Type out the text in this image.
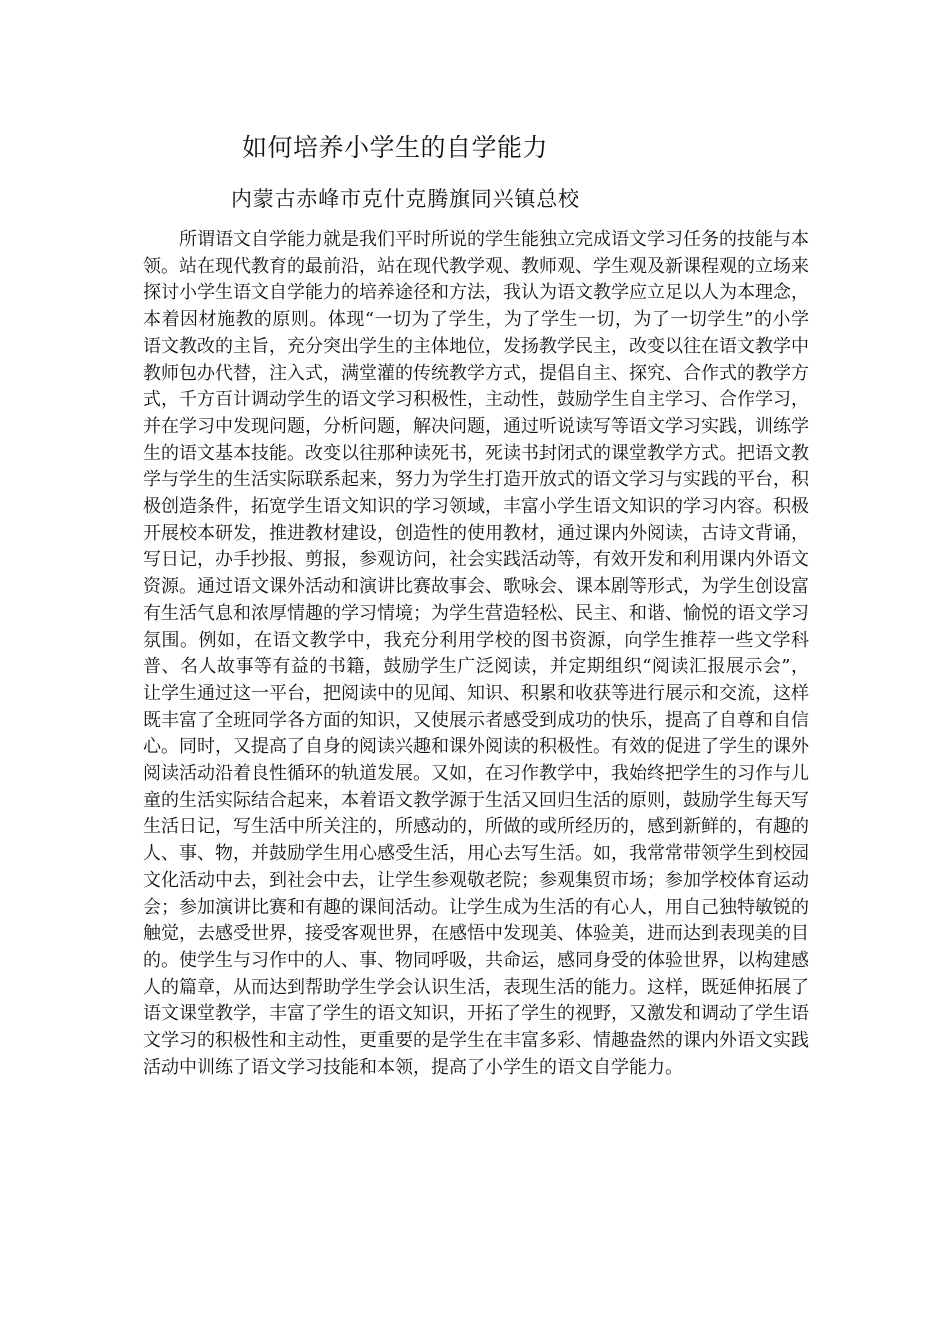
如何培养小学生的自学能力
内蒙古赤峰市克什克腾旗同兴镇总校

所谓语文自学能力就是我们平时所说的学生能独立完成语文学习任务的技能与本领。站在现代教育的最前沿，站在现代教学观、教师观、学生观及新课程观的立场来探讨小学生语文自学能力的培养途径和方法，我认为语文教学应立足以人为本理念，本着因材施教的原则。体现“一切为了学生，为了学生一切，为了一切学生”的小学语文教改的主旨，充分突出学生的主体地位，发扬教学民主，改变以往在语文教学中教师包办代替，注入式，满堂灌的传统教学方式，提倡自主、探究、合作式的教学方式，千方百计调动学生的语文学习积极性，主动性，鼓励学生自主学习、合作学习，并在学习中发现问题，分析问题，解决问题，通过听说读写等语文学习实践，训练学生的语文基本技能。改变以往那种读死书，死读书封闭式的课堂教学方式。把语文教学与学生的生活实际联系起来，努力为学生打造开放式的语文学习与实践的平台，积极创造条件，拓宽学生语文知识的学习领域，丰富小学生语文知识的学习内容。积极开展校本研发，推进教材建设，创造性的使用教材，通过课内外阅读，古诗文背诵，写日记，办手抄报、剪报，参观访问，社会实践活动等，有效开发和利用课内外语文资源。通过语文课外活动和演讲比赛故事会、歌咏会、课本剧等形式，为学生创设富有生活气息和浓厚情趣的学习情境；为学生营造轻松、民主、和谐、愉悦的语文学习氛围。例如，在语文教学中，我充分利用学校的图书资源，向学生推荐一些文学科普、名人故事等有益的书籍，鼓励学生广泛阅读，并定期组织“阅读汇报展示会”，让学生通过这一平台，把阅读中的见闻、知识、积累和收获等进行展示和交流，这样既丰富了全班同学各方面的知识，又使展示者感受到成功的快乐，提高了自尊和自信心。同时，又提高了自身的阅读兴趣和课外阅读的积极性。有效的促进了学生的课外阅读活动沿着良性循环的轨道发展。又如，在习作教学中，我始终把学生的习作与儿童的生活实际结合起来，本着语文教学源于生活又回归生活的原则，鼓励学生每天写生活日记，写生活中所关注的，所感动的，所做的或所经历的，感到新鲜的，有趣的人、事、物，并鼓励学生用心感受生活，用心去写生活。如，我常常带领学生到校园文化活动中去，到社会中去，让学生参观敬老院；参观集贸市场；参加学校体育运动会；参加演讲比赛和有趣的课间活动。让学生成为生活的有心人，用自己独特敏锐的触觉，去感受世界，接受客观世界，在感悟中发现美、体验美，进而达到表现美的目的。使学生与习作中的人、事、物同呼吸，共命运，感同身受的体验世界，以构建感人的篇章，从而达到帮助学生学会认识生活，表现生活的能力。这样，既延伸拓展了语文课堂教学，丰富了学生的语文知识，开拓了学生的视野，又激发和调动了学生语文学习的积极性和主动性，更重要的是学生在丰富多彩、情趣盎然的课内外语文实践活动中训练了语文学习技能和本领，提高了小学生的语文自学能力。
